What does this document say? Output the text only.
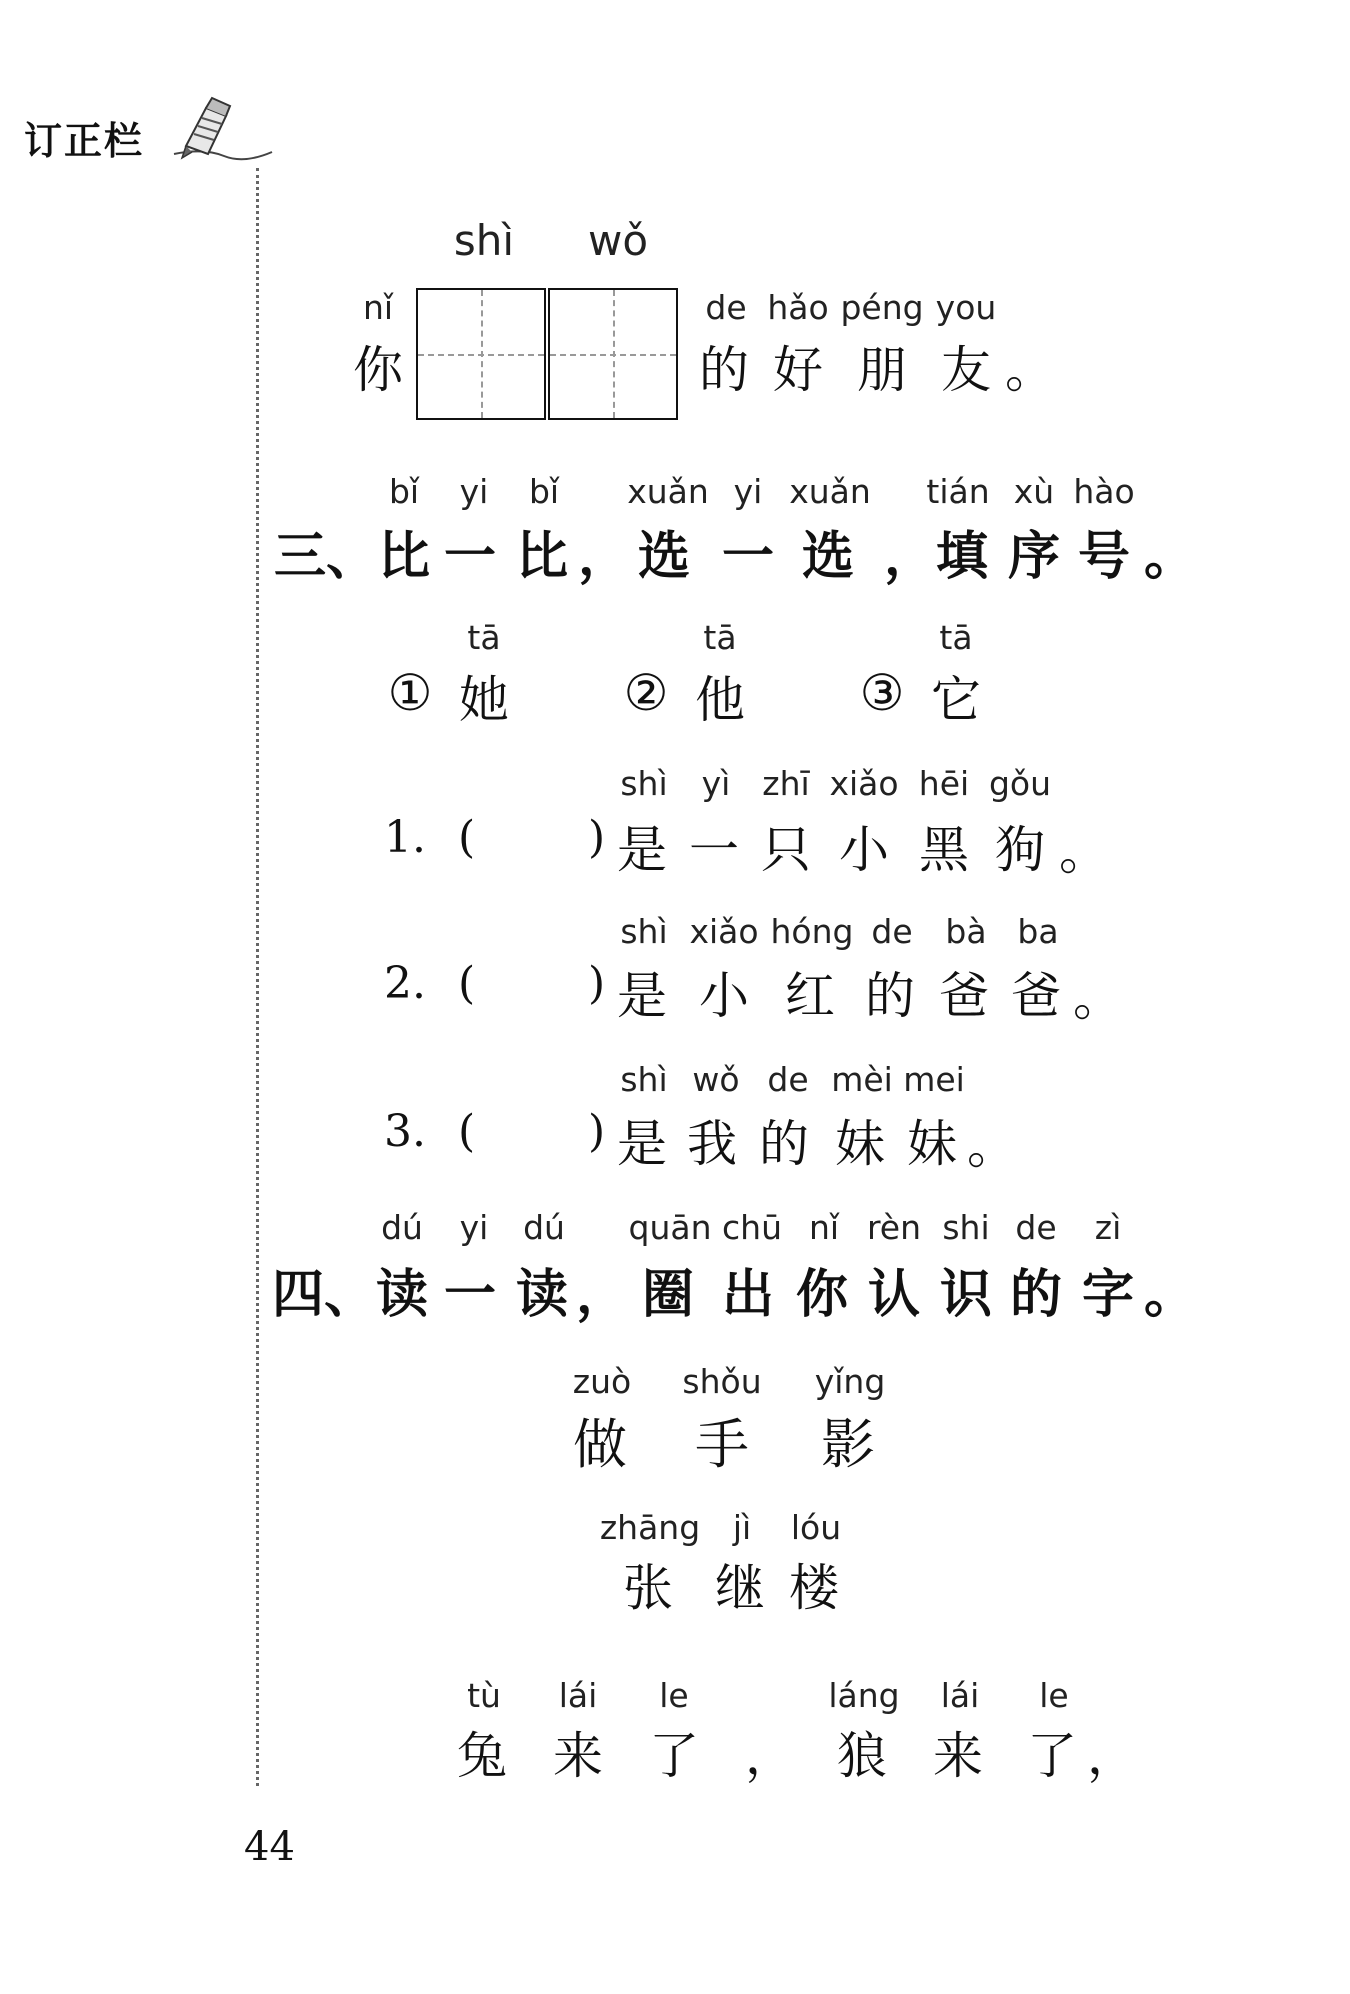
订正栏
shì wǒ
nǐ
你
de hǎo péng you
的 好 朋 友 。
bǐ yi bǐ xuǎn yi xuǎn tián xù hào
三、比 一 比 ， 选 一 选 ，填 序 号 。
tā
① 她
tā
② 他
tā
③ 它
shì yì zhī xiǎo hēi gǒu
1. (	) 是 一 只 小 黑 狗 。
shì xiǎo hóng de bà ba
2. (	) 是 小 红 的 爸 爸 。
shì wǒ de mèi mei
3. (	) 是 我 的 妹 妹 。
dú yi dú quān chū nǐ rèn shi de zì
四、读 一 读 ， 圈 出 你 认 识 的 字 。
zuò shǒu yǐng
做 手 影
zhāng jì lóu
张 继 楼
tù lái le	láng lái le
兔 来 了 ， 狼 来 了 ，
44
